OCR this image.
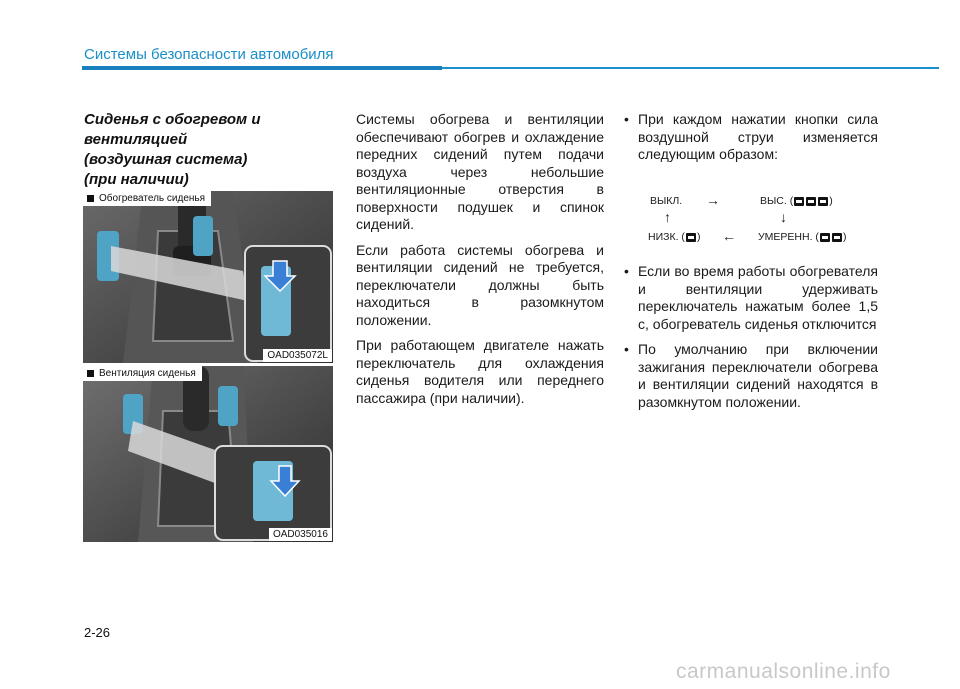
Системы безопасности автомобиля
Сиденья с обогревом и
вентиляцией
(воздушная система)
(при наличии)
Обогреватель сиденья
OAD035072L
Вентиляция сиденья
OAD035016

Системы обогрева и вентиляции обеспечивают обогрев и охлаждение передних сидений путем подачи воздуха через небольшие вентиляционные отверстия в поверхности подушек и спинок сидений.

Если работа системы обогрева и вентиляции сидений не требуется, переключатели должны быть находиться в разомкнутом положении.

При работающем двигателе нажать переключатель для охлаждения сиденья водителя или переднего пассажира (при наличии).

• При каждом нажатии кнопки сила воздушной струи изменяется следующим образом:
ВЫКЛ. →	ВЫС. (	)
↑	↓
НИЗК. (
) ← УМЕРЕНН. (
)
• Если во время работы обогревателя и вентиляции удерживать переключатель нажатым более 1,5 с, обогреватель сиденья отключится
• По умолчанию при включении зажигания переключатели обогрева и вентиляции сидений находятся в разомкнутом положении.
2-26
carmanualsonline.info
